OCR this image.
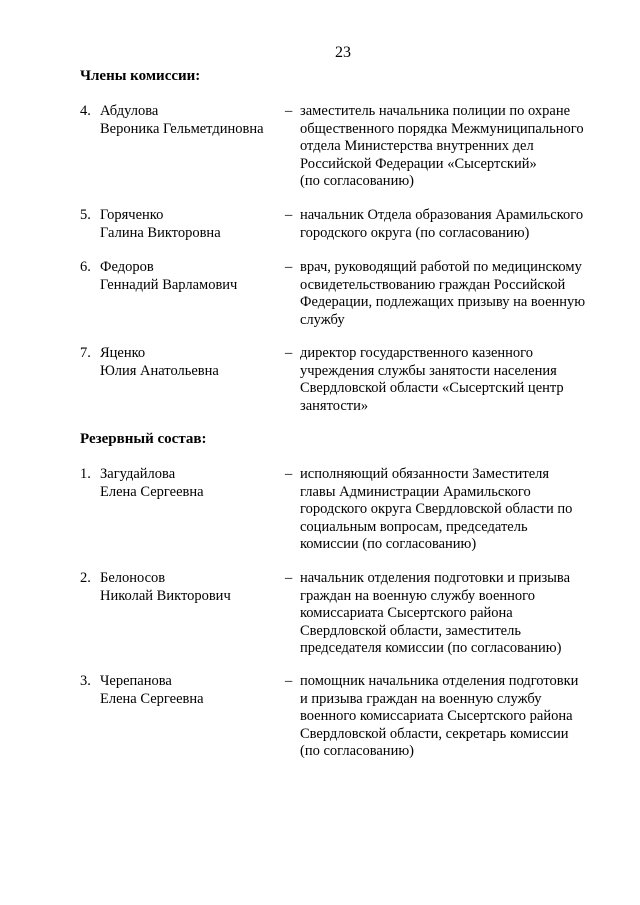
23
Члены комиссии:
4. Абдулова
Вероника Гельметдиновна
– заместитель начальника полиции по охране
общественного порядка Межмуниципального
отдела Министерства внутренних дел
Российской Федерации «Сысертский»
(по согласованию)
5. Горяченко
Галина Викторовна
– начальник Отдела образования Арамильского
городского округа (по согласованию)
6. Федоров
Геннадий Варламович
– врач, руководящий работой по медицинскому
освидетельствованию граждан Российской
Федерации, подлежащих призыву на военную
службу
7. Яценко
Юлия Анатольевна
– директор государственного казенного
учреждения службы занятости населения
Свердловской области «Сысертский центр
занятости»
Резервный состав:
1. Загудайлова
Елена Сергеевна
– исполняющий обязанности Заместителя
главы Администрации Арамильского
городского округа Свердловской области по
социальным вопросам, председатель
комиссии (по согласованию)
2. Белоносов
Николай Викторович
– начальник отделения подготовки и призыва
граждан на военную службу военного
комиссариата Сысертского района
Свердловской области, заместитель
председателя комиссии (по согласованию)
3. Черепанова
Елена Сергеевна
– помощник начальника отделения подготовки
и призыва граждан на военную службу
военного комиссариата Сысертского района
Свердловской области, секретарь комиссии
(по согласованию)
